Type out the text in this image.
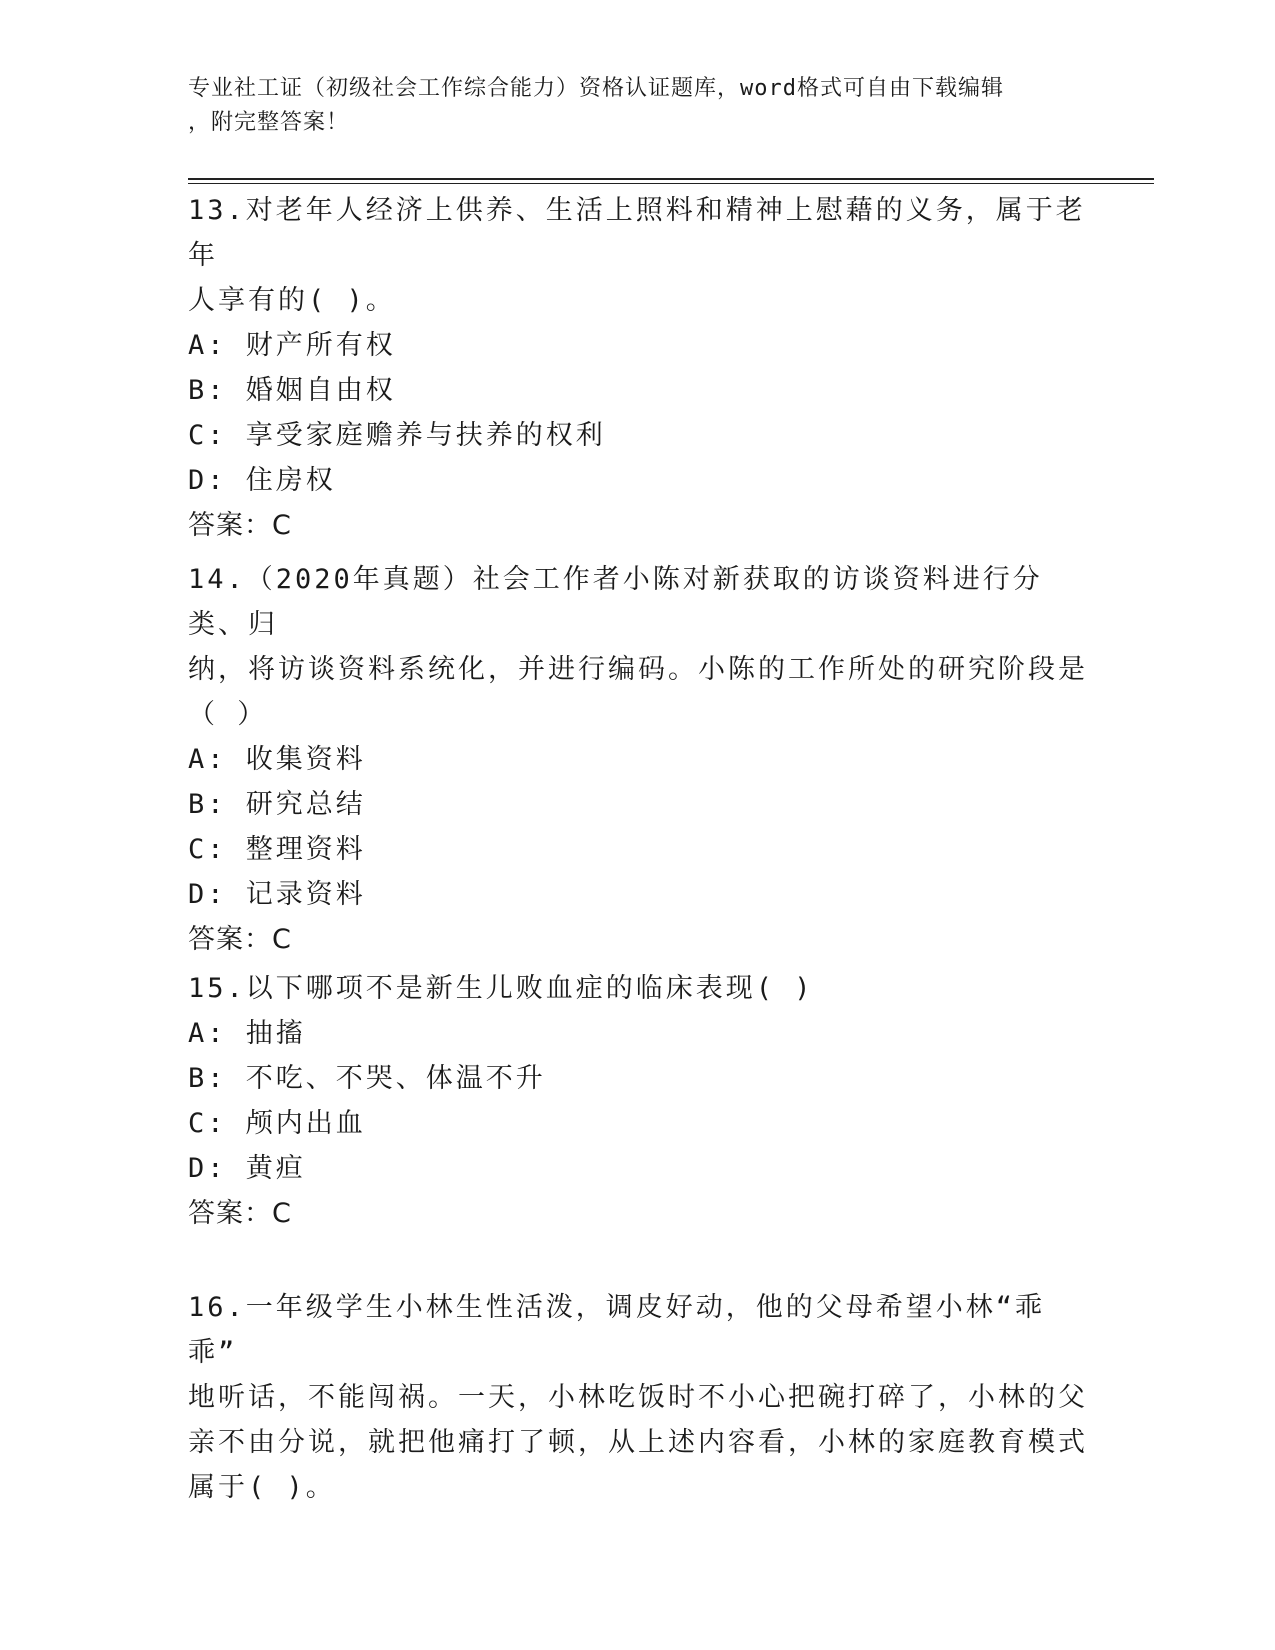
专业社工证（初级社会工作综合能力）资格认证题库，word格式可自由下载编辑
，附完整答案！
13.对老年人经济上供养、生活上照料和精神上慰藉的义务，属于老年
人享有的( )。
A: 财产所有权
B: 婚姻自由权
C: 享受家庭赡养与扶养的权利
D: 住房权
答案：C
14.（2020年真题）社会工作者小陈对新获取的访谈资料进行分类、归
纳，将访谈资料系统化，并进行编码。小陈的工作所处的研究阶段是
（ ）
A: 收集资料
B: 研究总结
C: 整理资料
D: 记录资料
答案：C
15.以下哪项不是新生儿败血症的临床表现( )
A: 抽搐
B: 不吃、不哭、体温不升
C: 颅内出血
D: 黄疸
答案：C
16.一年级学生小林生性活泼，调皮好动，他的父母希望小林“乖乖”
地听话，不能闯祸。一天，小林吃饭时不小心把碗打碎了，小林的父
亲不由分说，就把他痛打了顿，从上述内容看，小林的家庭教育模式
属于( )。
